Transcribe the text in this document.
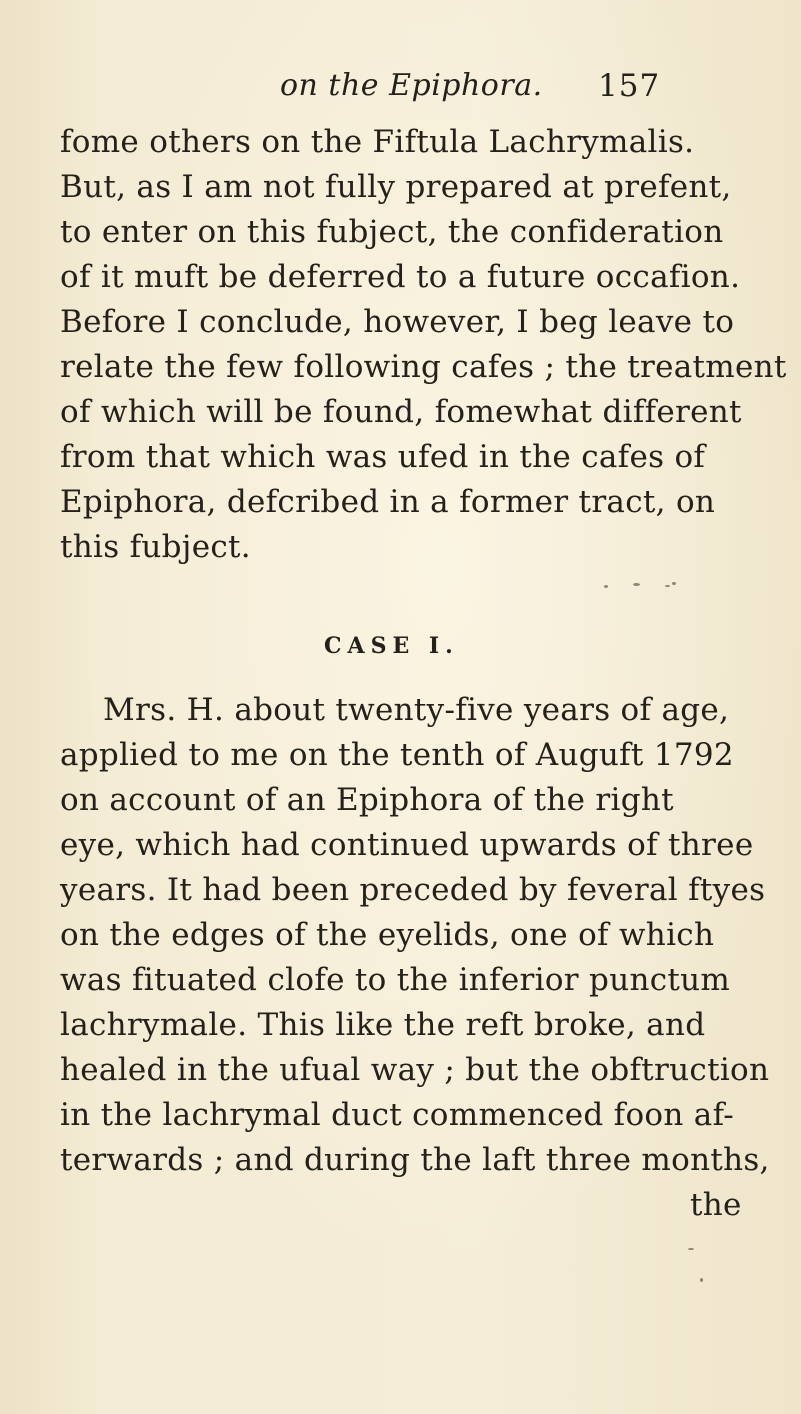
on the Epiphora. 157
fome others on the Fiftula Lachrymalis.
But, as I am not fully prepared at prefent,
to enter on this fubject, the confideration
of it muft be deferred to a future occafion.
Before I conclude, however, I beg leave to
relate the few following cafes ; the treatment
of which will be found, fomewhat different
from that which was ufed in the cafes of
Epiphora, defcribed in a former tract, on
this fubject.
CASE I.
Mrs. H. about twenty-five years of age,
applied to me on the tenth of Auguft 1792
on account of an Epiphora of the right
eye, which had continued upwards of three
years. It had been preceded by feveral ftyes
on the edges of the eyelids, one of which
was fituated clofe to the inferior punctum
lachrymale. This like the reft broke, and
healed in the ufual way ; but the obftruction
in the lachrymal duct commenced foon af-
terwards ; and during the laft three months,
the
